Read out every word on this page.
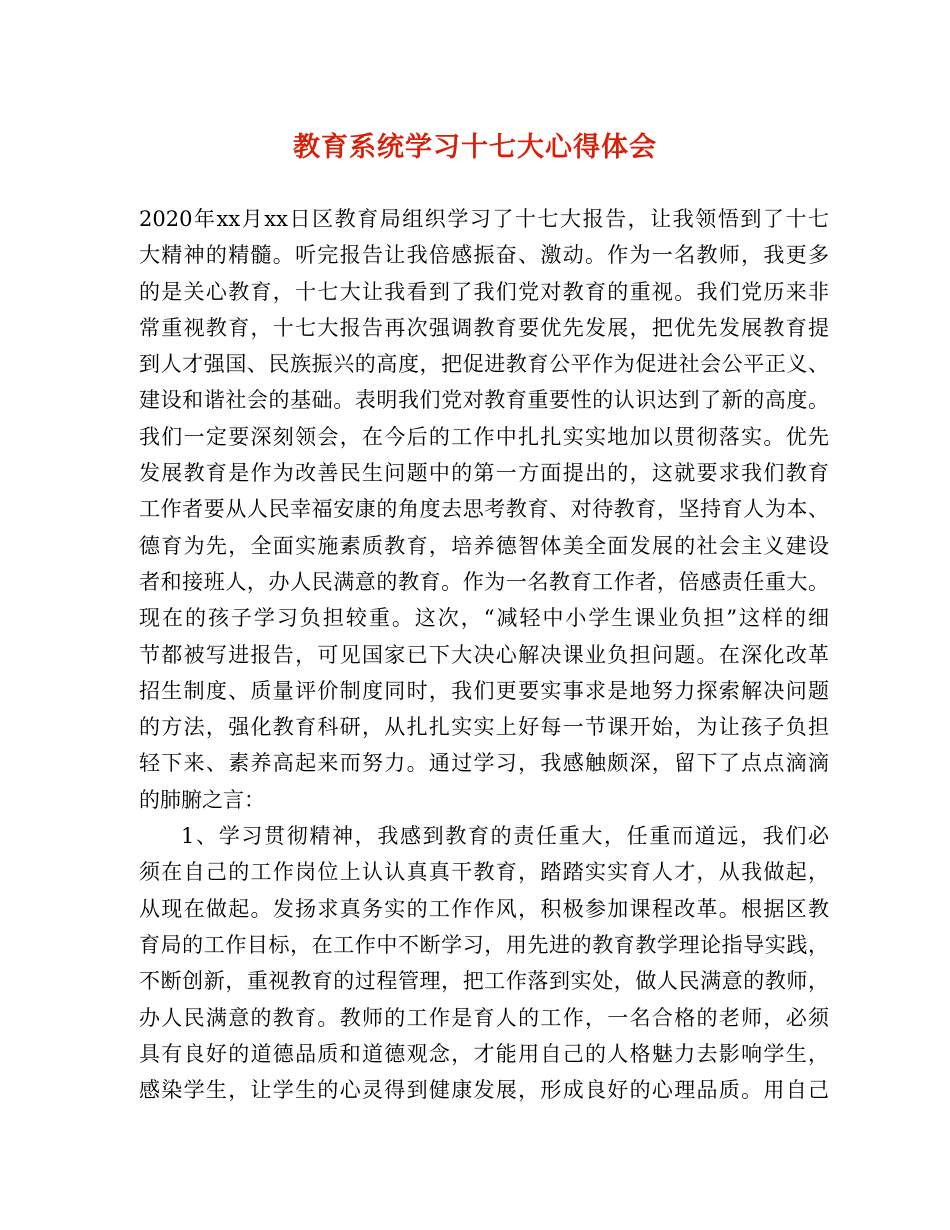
教育系统学习十七大心得体会
2020年xx月xx日区教育局组织学习了十七大报告，让我领悟到了十七
大精神的精髓。听完报告让我倍感振奋、激动。作为一名教师，我更多
的是关心教育，十七大让我看到了我们党对教育的重视。我们党历来非
常重视教育，十七大报告再次强调教育要优先发展，把优先发展教育提
到人才强国、民族振兴的高度，把促进教育公平作为促进社会公平正义、
建设和谐社会的基础。表明我们党对教育重要性的认识达到了新的高度。
我们一定要深刻领会，在今后的工作中扎扎实实地加以贯彻落实。优先
发展教育是作为改善民生问题中的第一方面提出的，这就要求我们教育
工作者要从人民幸福安康的角度去思考教育、对待教育，坚持育人为本、
德育为先，全面实施素质教育，培养德智体美全面发展的社会主义建设
者和接班人，办人民满意的教育。作为一名教育工作者，倍感责任重大。
现在的孩子学习负担较重。这次，“减轻中小学生课业负担”这样的细
节都被写进报告，可见国家已下大决心解决课业负担问题。在深化改革
招生制度、质量评价制度同时，我们更要实事求是地努力探索解决问题
的方法，强化教育科研，从扎扎实实上好每一节课开始，为让孩子负担
轻下来、素养高起来而努力。通过学习，我感触颇深，留下了点点滴滴
的肺腑之言：
1、学习贯彻精神，我感到教育的责任重大，任重而道远，我们必
须在自己的工作岗位上认认真真干教育，踏踏实实育人才，从我做起，
从现在做起。发扬求真务实的工作作风，积极参加课程改革。根据区教
育局的工作目标，在工作中不断学习，用先进的教育教学理论指导实践，
不断创新，重视教育的过程管理，把工作落到实处，做人民满意的教师，
办人民满意的教育。教师的工作是育人的工作，一名合格的老师，必须
具有良好的道德品质和道德观念，才能用自己的人格魅力去影响学生，
感染学生，让学生的心灵得到健康发展，形成良好的心理品质。用自己
